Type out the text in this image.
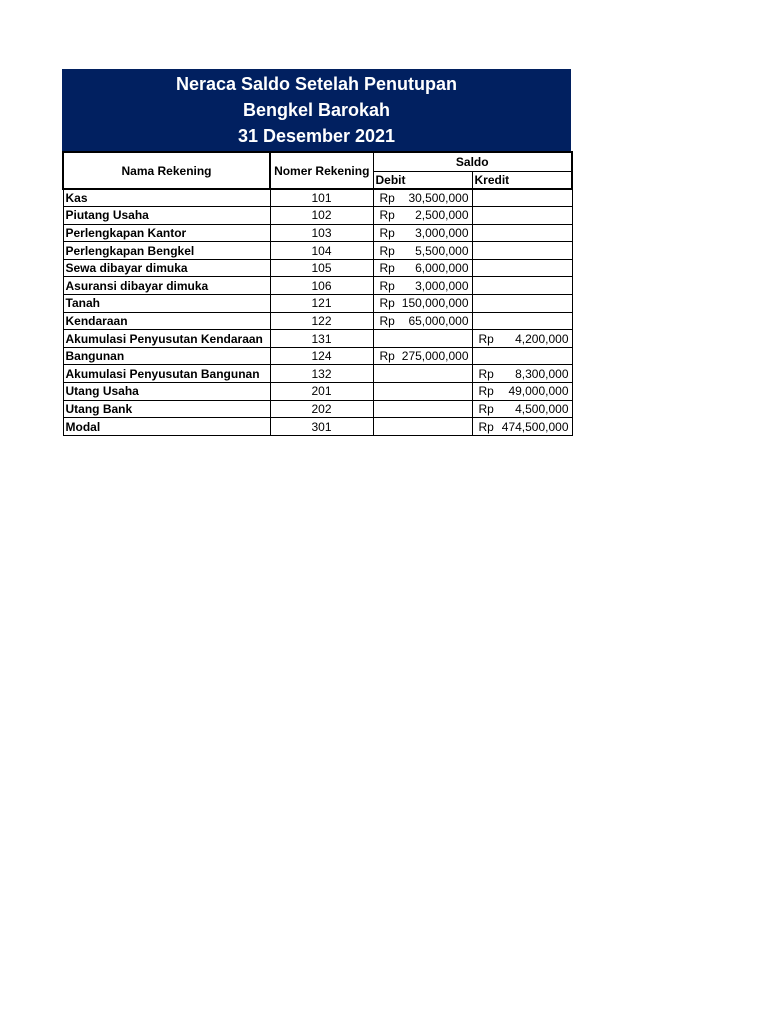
Neraca Saldo Setelah Penutupan
Bengkel Barokah
31 Desember 2021
Nama Rekening	Nomer Rekening	Saldo	
		Debit	Kredit
Kas	101	Rp 30,500,000	

Piutang Usaha	102	Rp 2,500,000	

Perlengkapan Kantor	103	Rp 3,000,000	

Perlengkapan Bengkel	104	Rp 5,500,000	

Sewa dibayar dimuka	105	Rp 6,000,000	

Asuransi dibayar dimuka	106	Rp 3,000,000	

Tanah	121	Rp 150,000,000	

Kendaraan	122	Rp 65,000,000	

Akumulasi Penyusutan Kendaraan	131		Rp 4,200,000

Bangunan	124	Rp 275,000,000	

Akumulasi Penyusutan Bangunan	132		Rp 8,300,000

Utang Usaha	201		Rp 49,000,000

Utang Bank	202		Rp 4,500,000

Modal	301		Rp 474,500,000
